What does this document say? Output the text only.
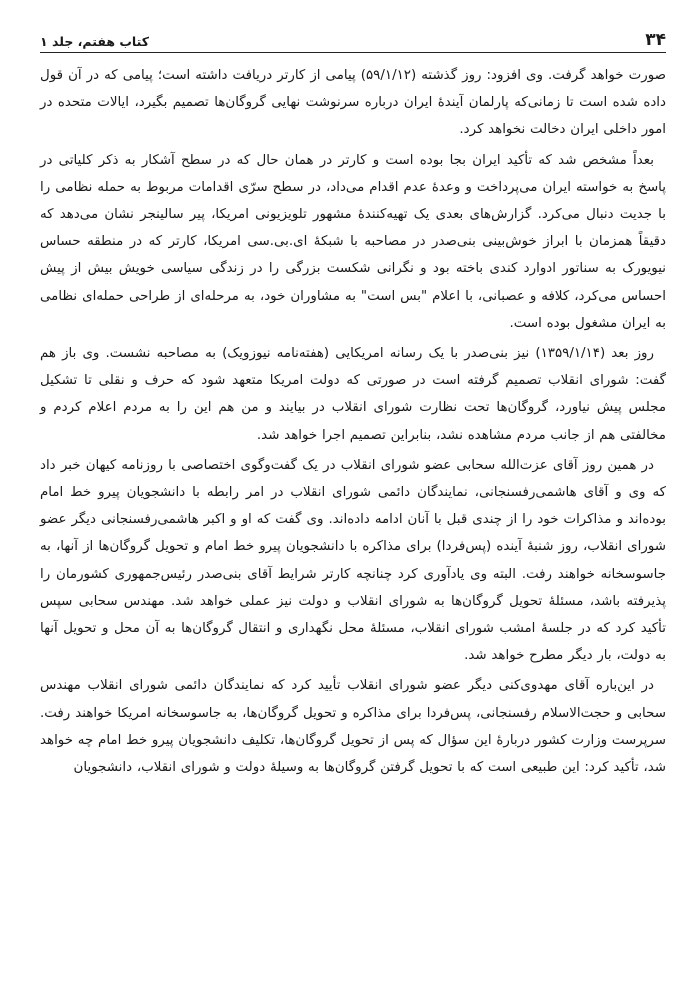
۳۴
کتاب هفتم، جلد ۱

صورت خواهد گرفت. وی افزود: روز گذشته (۵۹/۱/۱۲) پیامی از کارتر دریافت داشته است؛ پیامی که در آن قول داده شده است تا زمانی‌که پارلمان آیندهٔ ایران درباره سرنوشت نهایی گروگان‌ها تصمیم بگیرد، ایالات متحده در امور داخلی ایران دخالت نخواهد کرد.

بعداً مشخص شد که تأکید ایران بجا بوده است و کارتر در همان حال که در سطح آشکار به ذکر کلیاتی در پاسخ به خواسته ایران می‌پرداخت و وعدهٔ عدم اقدام می‌داد، در سطح سرّی اقدامات مربوط به حمله نظامی را با جدیت دنبال می‌کرد. گزارش‌های بعدی یک تهیه‌کنندهٔ مشهور تلویزیونی امریکا، پیر سالینجر نشان می‌دهد که دقیقاً همزمان با ابراز خوش‌بینی بنی‌صدر در مصاحبه با شبکهٔ ای.بی.سی امریکا، کارتر که در منطقه حساس نیویورک به سناتور ادوارد کندی باخته بود و نگرانی شکست بزرگی را در زندگی سیاسی خویش بیش از پیش احساس می‌کرد، کلافه و عصبانی، با اعلام "بس است" به مشاوران خود، به مرحله‌ای از طراحی حمله‌ای نظامی به ایران مشغول بوده است.

روز بعد (۱۳۵۹/۱/۱۴) نیز بنی‌صدر با یک رسانه امریکایی (هفته‌نامه نیوزویک) به مصاحبه نشست. وی باز هم گفت: شورای انقلاب تصمیم گرفته است در صورتی که دولت امریکا متعهد شود که حرف و نقلی تا تشکیل مجلس پیش نیاورد، گروگان‌ها تحت نظارت شورای انقلاب در بیایند و من هم این را به مردم اعلام کردم و مخالفتی هم از جانب مردم مشاهده نشد، بنابراین تصمیم اجرا خواهد شد.

در همین روز آقای عزت‌الله سحابی عضو شورای انقلاب در یک گفت‌وگوی اختصاصی با روزنامه کیهان خبر داد که وی و آقای هاشمی‌رفسنجانی، نمایندگان دائمی شورای انقلاب در امر رابطه با دانشجویان پیرو خط امام بوده‌اند و مذاکرات خود را از چندی قبل با آنان ادامه داده‌اند. وی گفت که او و اکبر هاشمی‌رفسنجانی دیگر عضو شورای انقلاب، روز شنبهٔ آینده (پس‌فردا) برای مذاکره با دانشجویان پیرو خط امام و تحویل گروگان‌ها از آنها، به جاسوسخانه خواهند رفت. البته وی یادآوری کرد چنانچه کارتر شرایط آقای بنی‌صدر رئیس‌جمهوری کشورمان را پذیرفته باشد، مسئلهٔ تحویل گروگان‌ها به شورای انقلاب و دولت نیز عملی خواهد شد. مهندس سحابی سپس تأکید کرد که در جلسهٔ امشب شورای انقلاب، مسئلهٔ محل نگهداری و انتقال گروگان‌ها به آن محل و تحویل آنها به دولت، بار دیگر مطرح خواهد شد.

در این‌باره آقای مهدوی‌کنی دیگر عضو شورای انقلاب تأیید کرد که نمایندگان دائمی شورای انقلاب مهندس سحابی و حجت‌الاسلام رفسنجانی، پس‌فردا برای مذاکره و تحویل گروگان‌ها، به جاسوسخانه امریکا خواهند رفت. سرپرست وزارت کشور دربارهٔ این سؤال که پس از تحویل گروگان‌ها، تکلیف دانشجویان پیرو خط امام چه خواهد شد، تأکید کرد: این طبیعی است که با تحویل گرفتن گروگان‌ها به وسیلهٔ دولت و شورای انقلاب، دانشجویان
